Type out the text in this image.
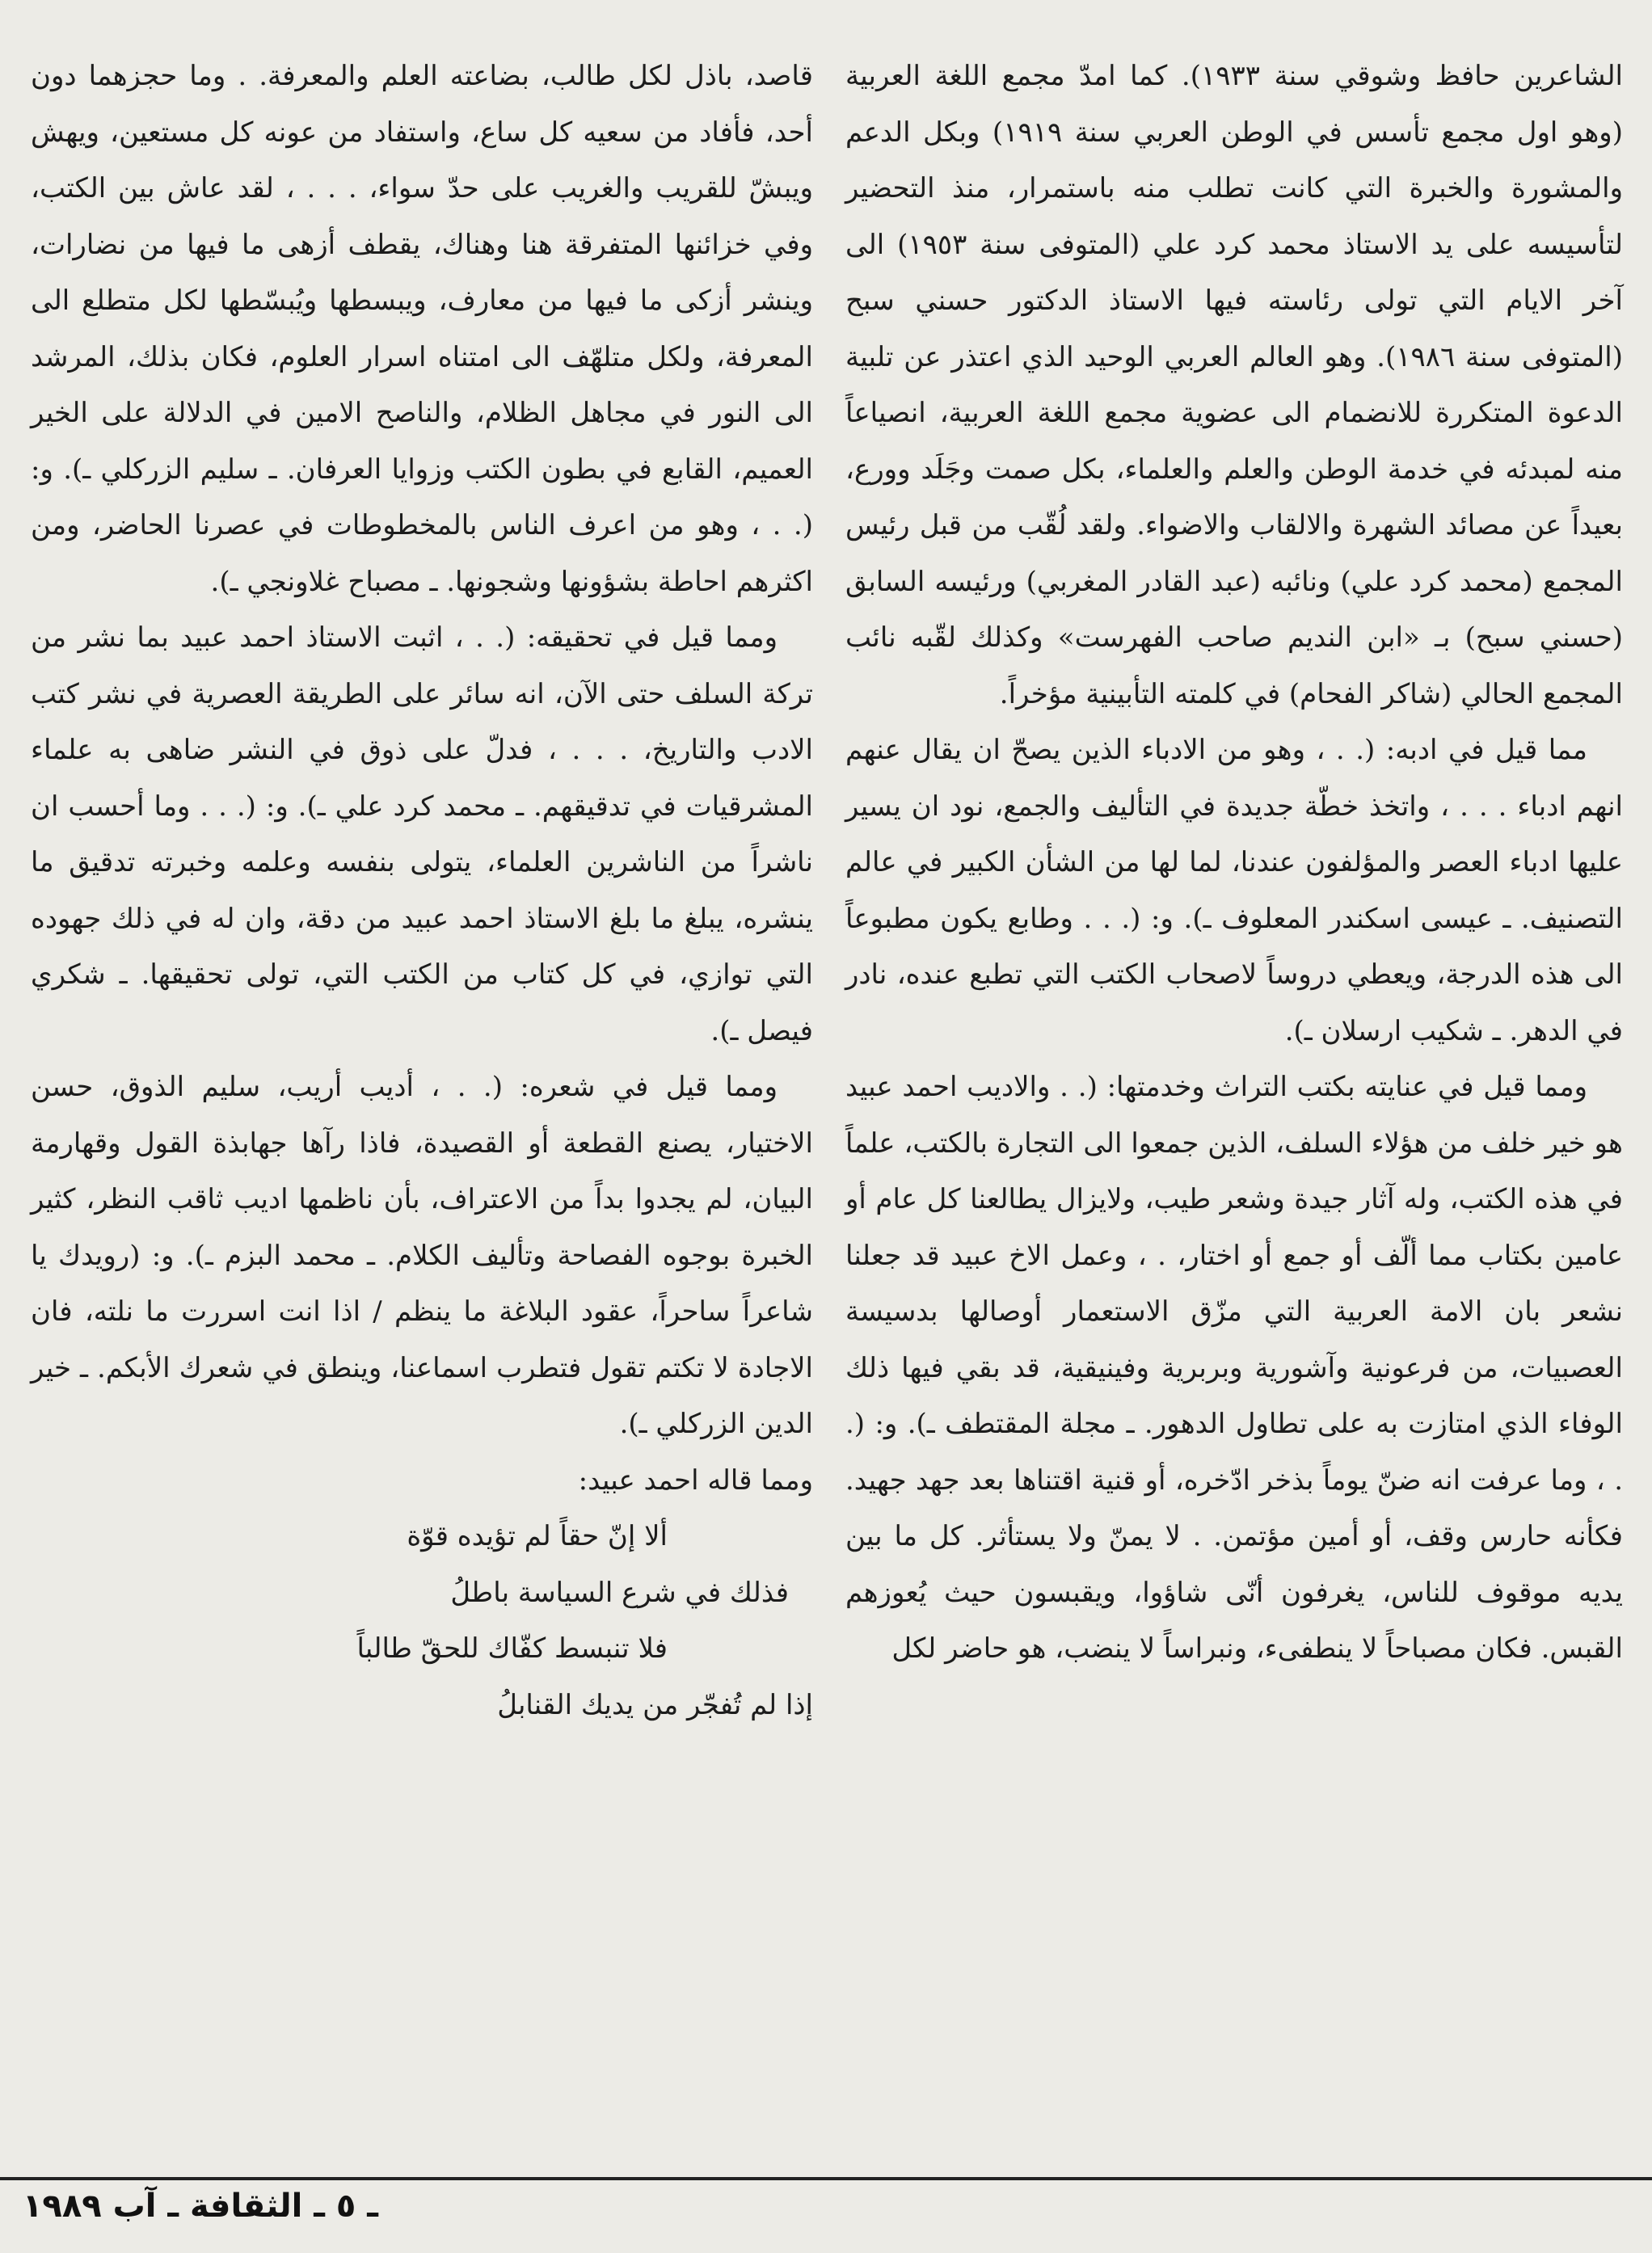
الشاعرين حافظ وشوقي سنة ١٩٣٣). كما امدّ مجمع اللغة العربية (وهو اول مجمع تأسس في الوطن العربي سنة ١٩١٩) وبكل الدعم والمشورة والخبرة التي كانت تطلب منه باستمرار، منذ التحضير لتأسيسه على يد الاستاذ محمد كرد علي (المتوفى سنة ١٩٥٣) الى آخر الايام التي تولى رئاسته فيها الاستاذ الدكتور حسني سبح (المتوفى سنة ١٩٨٦). وهو العالم العربي الوحيد الذي اعتذر عن تلبية الدعوة المتكررة للانضمام الى عضوية مجمع اللغة العربية، انصياعاً منه لمبدئه في خدمة الوطن والعلم والعلماء، بكل صمت وجَلَد وورع، بعيداً عن مصائد الشهرة والالقاب والاضواء. ولقد لُقّب من قبل رئيس المجمع (محمد كرد علي) ونائبه (عبد القادر المغربي) ورئيسه السابق (حسني سبح) بـ «ابن النديم صاحب الفهرست» وكذلك لقّبه نائب المجمع الحالي (شاكر الفحام) في كلمته التأبينية مؤخراً.

مما قيل في ادبه: (. . ، وهو من الادباء الذين يصحّ ان يقال عنهم انهم ادباء . . . ، واتخذ خطّة جديدة في التأليف والجمع، نود ان يسير عليها ادباء العصر والمؤلفون عندنا، لما لها من الشأن الكبير في عالم التصنيف. ـ عيسى اسكندر المعلوف ـ). و: (. . . وطابع يكون مطبوعاً الى هذه الدرجة، ويعطي دروساً لاصحاب الكتب التي تطبع عنده، نادر في الدهر. ـ شكيب ارسلان ـ).

ومما قيل في عنايته بكتب التراث وخدمتها: (. . والاديب احمد عبيد هو خير خلف من هؤلاء السلف، الذين جمعوا الى التجارة بالكتب، علماً في هذه الكتب، وله آثار جيدة وشعر طيب، ولايزال يطالعنا كل عام أو عامين بكتاب مما ألّف أو جمع أو اختار، . ، وعمل الاخ عبيد قد جعلنا نشعر بان الامة العربية التي مزّق الاستعمار أوصالها بدسيسة العصبيات، من فرعونية وآشورية وبربرية وفينيقية، قد بقي فيها ذلك الوفاء الذي امتازت به على تطاول الدهور. ـ مجلة المقتطف ـ). و: (. . ، وما عرفت انه ضنّ يوماً بذخر ادّخره، أو قنية اقتناها بعد جهد جهيد. فكأنه حارس وقف، أو أمين مؤتمن. . لا يمنّ ولا يستأثر. كل ما بين يديه موقوف للناس، يغرفون أنّى شاؤوا، ويقبسون حيث يُعوزهم القبس. فكان مصباحاً لا ينطفىء، ونبراساً لا ينضب، هو حاضر لكل

قاصد، باذل لكل طالب، بضاعته العلم والمعرفة. . وما حجزهما دون أحد، فأفاد من سعيه كل ساع، واستفاد من عونه كل مستعين، ويهش ويبشّ للقريب والغريب على حدّ سواء، . . . ، لقد عاش بين الكتب، وفي خزائنها المتفرقة هنا وهناك، يقطف أزهى ما فيها من نضارات، وينشر أزكى ما فيها من معارف، ويبسطها ويُبسّطها لكل متطلع الى المعرفة، ولكل متلهّف الى امتناه اسرار العلوم، فكان بذلك، المرشد الى النور في مجاهل الظلام، والناصح الامين في الدلالة على الخير العميم، القابع في بطون الكتب وزوايا العرفان. ـ سليم الزركلي ـ). و: (. . ، وهو من اعرف الناس بالمخطوطات في عصرنا الحاضر، ومن اكثرهم احاطة بشؤونها وشجونها. ـ مصباح غلاونجي ـ).

ومما قيل في تحقيقه: (. . ، اثبت الاستاذ احمد عبيد بما نشر من تركة السلف حتى الآن، انه سائر على الطريقة العصرية في نشر كتب الادب والتاريخ، . . . ، فدلّ على ذوق في النشر ضاهى به علماء المشرقيات في تدقيقهم. ـ محمد كرد علي ـ). و: (. . . وما أحسب ان ناشراً من الناشرين العلماء، يتولى بنفسه وعلمه وخبرته تدقيق ما ينشره، يبلغ ما بلغ الاستاذ احمد عبيد من دقة، وان له في ذلك جهوده التي توازي، في كل كتاب من الكتب التي، تولى تحقيقها. ـ شكري فيصل ـ).

ومما قيل في شعره: (. . ، أديب أريب، سليم الذوق، حسن الاختيار، يصنع القطعة أو القصيدة، فاذا رآها جهابذة القول وقهارمة البيان، لم يجدوا بداً من الاعتراف، بأن ناظمها اديب ثاقب النظر، كثير الخبرة بوجوه الفصاحة وتأليف الكلام. ـ محمد البزم ـ). و: (رويدك يا شاعراً ساحراً، عقود البلاغة ما ينظم / اذا انت اسررت ما نلته، فان الاجادة لا تكتم تقول فتطرب اسماعنا، وينطق في شعرك الأبكم. ـ خير الدين الزركلي ـ).

ومما قاله احمد عبيد:

ألا إنّ حقاً لم تؤيده قوّة
فذلك في شرع السياسة باطلُ
فلا تنبسط كفّاك للحقّ طالباً
إذا لم تُفجّر من يديك القنابلُ
ـ ٥ ـ الثقافة ـ آب ١٩٨٩
